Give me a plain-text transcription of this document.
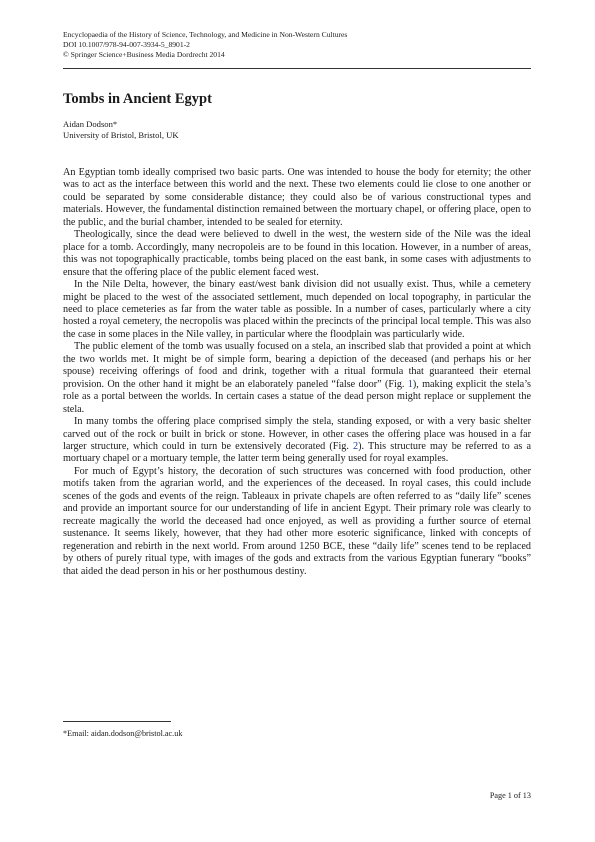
Encyclopaedia of the History of Science, Technology, and Medicine in Non-Western Cultures
DOI 10.1007/978-94-007-3934-5_8901-2
© Springer Science+Business Media Dordrecht 2014
Tombs in Ancient Egypt
Aidan Dodson*
University of Bristol, Bristol, UK

An Egyptian tomb ideally comprised two basic parts. One was intended to house the body for eternity; the other was to act as the interface between this world and the next. These two elements could lie close to one another or could be separated by some considerable distance; they could also be of various constructional types and materials. However, the fundamental distinction remained between the mortuary chapel, or offering place, open to the public, and the burial chamber, intended to be sealed for eternity.

Theologically, since the dead were believed to dwell in the west, the western side of the Nile was the ideal place for a tomb. Accordingly, many necropoleis are to be found in this location. However, in a number of areas, this was not topographically practicable, tombs being placed on the east bank, in some cases with adjustments to ensure that the offering place of the public element faced west.

In the Nile Delta, however, the binary east/west bank division did not usually exist. Thus, while a cemetery might be placed to the west of the associated settlement, much depended on local topography, in particular the need to place cemeteries as far from the water table as possible. In a number of cases, particularly where a city hosted a royal cemetery, the necropolis was placed within the precincts of the principal local temple. This was also the case in some places in the Nile valley, in particular where the floodplain was particularly wide.

The public element of the tomb was usually focused on a stela, an inscribed slab that provided a point at which the two worlds met. It might be of simple form, bearing a depiction of the deceased (and perhaps his or her spouse) receiving offerings of food and drink, together with a ritual formula that guaranteed their eternal provision. On the other hand it might be an elaborately paneled “false door” (Fig. 1), making explicit the stela’s role as a portal between the worlds. In certain cases a statue of the dead person might replace or supplement the stela.

In many tombs the offering place comprised simply the stela, standing exposed, or with a very basic shelter carved out of the rock or built in brick or stone. However, in other cases the offering place was housed in a far larger structure, which could in turn be extensively decorated (Fig. 2). This structure may be referred to as a mortuary chapel or a mortuary temple, the latter term being generally used for royal examples.

For much of Egypt’s history, the decoration of such structures was concerned with food production, other motifs taken from the agrarian world, and the experiences of the deceased. In royal cases, this could include scenes of the gods and events of the reign. Tableaux in private chapels are often referred to as “daily life” scenes and provide an important source for our understanding of life in ancient Egypt. Their primary role was clearly to recreate magically the world the deceased had once enjoyed, as well as providing a further source of eternal sustenance. It seems likely, however, that they had other more esoteric significance, linked with concepts of regeneration and rebirth in the next world. From around 1250 BCE, these “daily life” scenes tend to be replaced by others of purely ritual type, with images of the gods and extracts from the various Egyptian funerary “books” that aided the dead person in his or her posthumous destiny.

*Email: aidan.dodson@bristol.ac.uk
Page 1 of 13
